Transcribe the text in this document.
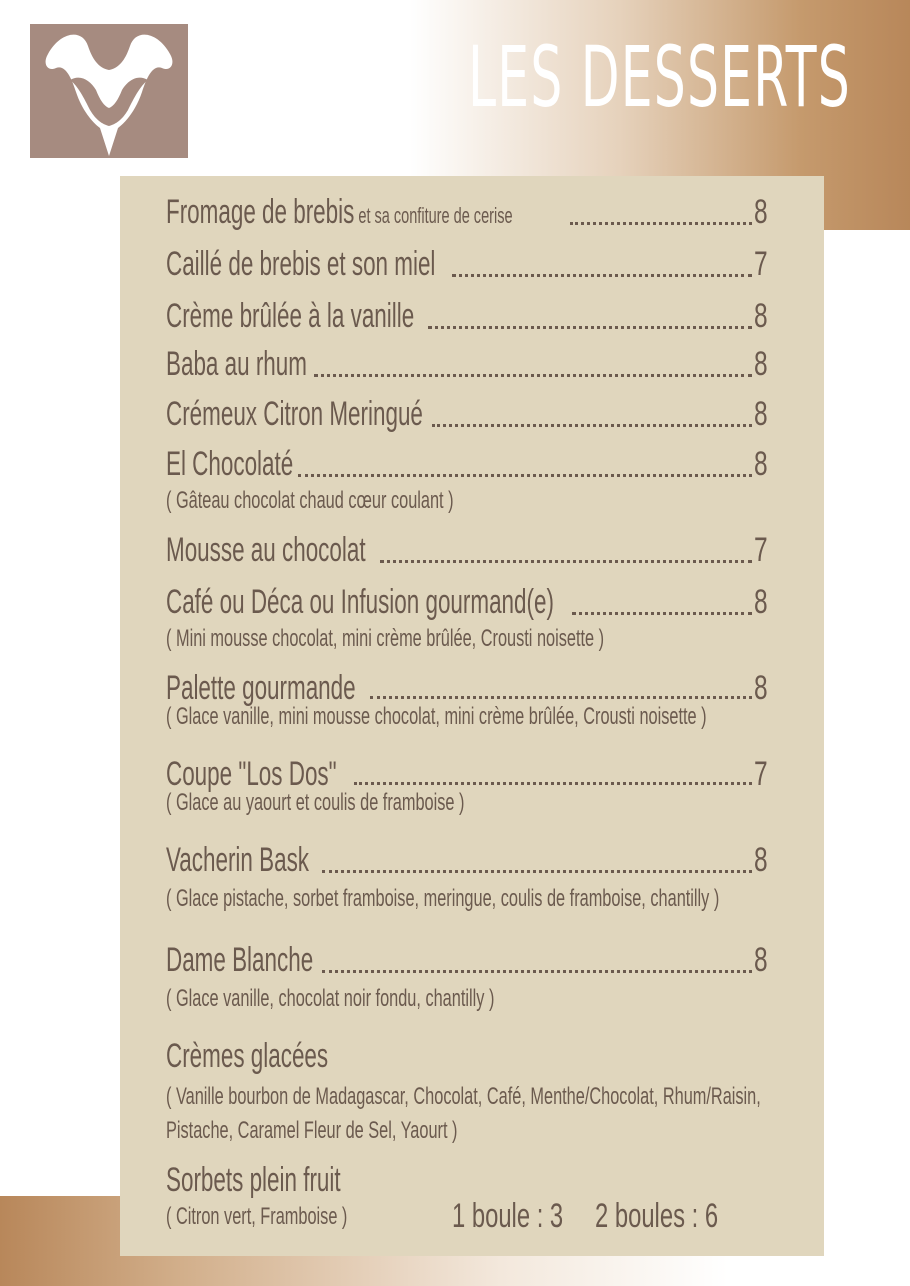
LES DESSERTS
Fromage de brebis et sa confiture de cerise	8
Caillé de brebis et son miel	7
Crème brûlée à la vanille	8
Baba au rhum	8
Crémeux Citron Meringué	8
El Chocolaté	8
( Gâteau chocolat chaud cœur coulant )
Mousse au chocolat	7
Café ou Déca ou Infusion gourmand(e)	8
( Mini mousse chocolat, mini crème brûlée, Crousti noisette )
Palette gourmande	8
( Glace vanille, mini mousse chocolat, mini crème brûlée, Crousti noisette )
Coupe "Los Dos"	7
( Glace au yaourt et coulis de framboise )
Vacherin Bask	8
( Glace pistache, sorbet framboise, meringue, coulis de framboise, chantilly )
Dame Blanche	8
( Glace vanille, chocolat noir fondu, chantilly )
Crèmes glacées
( Vanille bourbon de Madagascar, Chocolat, Café, Menthe/Chocolat, Rhum/Raisin,
Pistache, Caramel Fleur de Sel, Yaourt )
Sorbets plein fruit
( Citron vert, Framboise )	1 boule : 3 2 boules : 6
